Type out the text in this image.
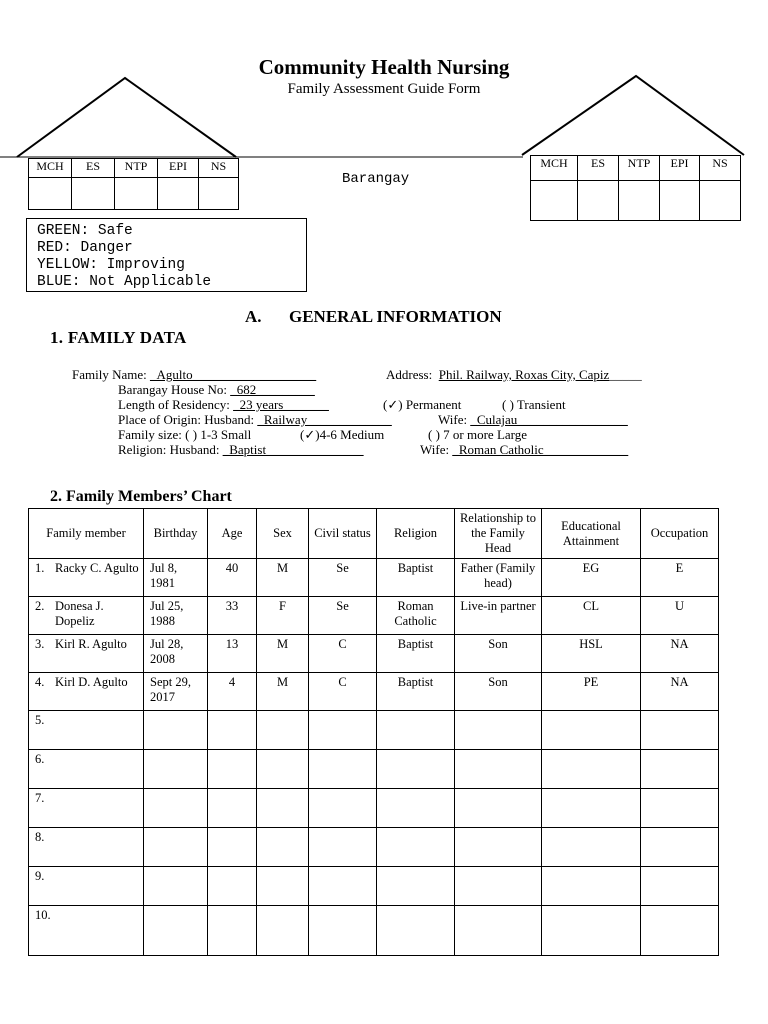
Community Health Nursing
Family Assessment Guide Form
MCH	ES	NTP	EPI	NS
					MCH	ES	NTP	EPI	NS

Barangay
GREEN: Safe
RED: Danger
YELLOW: Improving
BLUE: Not Applicable
A. GENERAL INFORMATION
1. FAMILY DATA
Family Name: _Agulto___________________	Address: Phil. Railway, Roxas City, Capiz_____
Barangay House No: _682_________
Length of Residency: _23 years_______	(✓) Permanent	( ) Transient
Place of Origin: Husband: _Railway_____________	Wife: _Culajau_________________
Family size: ( ) 1-3 Small	(✓)4-6 Medium	( ) 7 or more Large
Religion: Husband: _Baptist_______________	Wife: _Roman Catholic_____________
2. Family Members’ Chart
Family member	Birthday	Age	Sex	Civil status	Religion	Relationship to the Family Head	Educational Attainment	Occupation

1. Racky C. Agulto	Jul 8, 1981	40	M	Se	Baptist	Father (Family head)	EG	E

2. Donesa J. Dopeliz	Jul 25, 1988	33	F	Se	Roman Catholic	Live-in partner	CL	U

3. Kirl R. Agulto	Jul 28, 2008	13	M	C	Baptist	Son	HSL	NA

4. Kirl D. Agulto	Sept 29, 2017	4	M	C	Baptist	Son	PE	NA

5.								

6.								

7.								

8.								

9.								

10.								
